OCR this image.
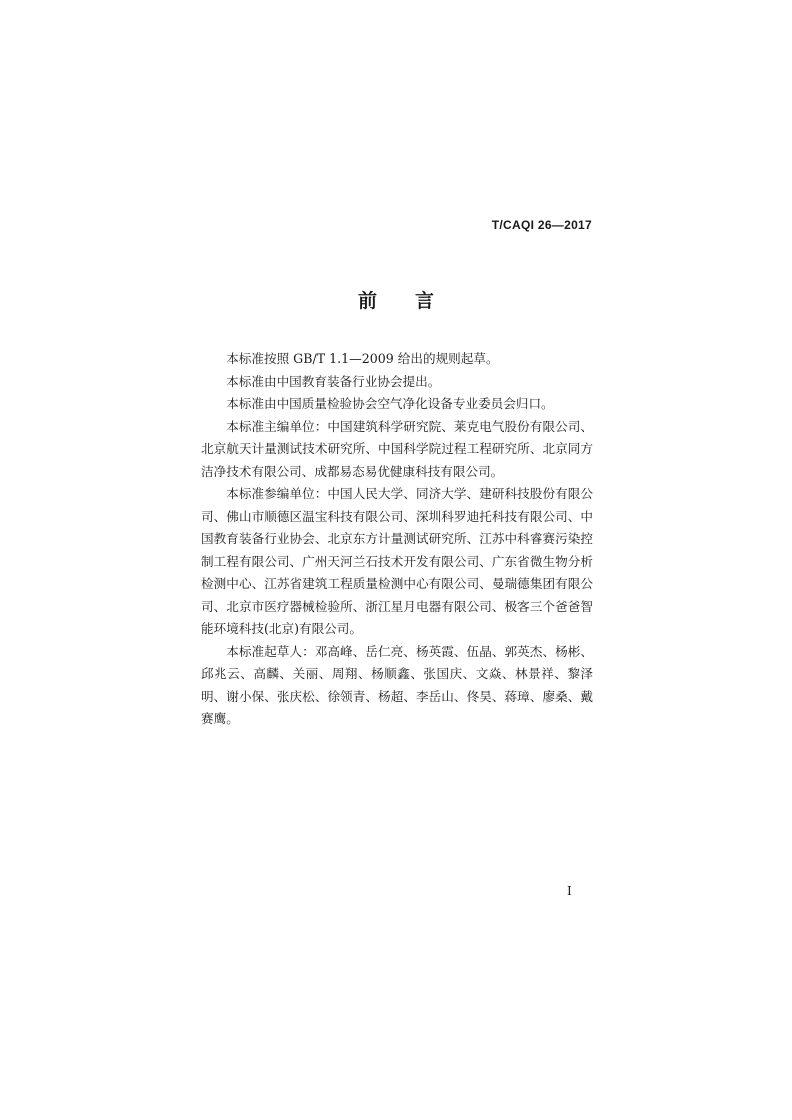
T/CAQI 26—2017
前言

本标准按照 GB/T 1.1—2009 给出的规则起草。

本标准由中国教育装备行业协会提出。

本标准由中国质量检验协会空气净化设备专业委员会归口。

本标准主编单位：中国建筑科学研究院、莱克电气股份有限公司、北京航天计量测试技术研究所、中国科学院过程工程研究所、北京同方洁净技术有限公司、成都易态易优健康科技有限公司。

本标准参编单位：中国人民大学、同济大学、建研科技股份有限公司、佛山市顺德区温宝科技有限公司、深圳科罗迪托科技有限公司、中国教育装备行业协会、北京东方计量测试研究所、江苏中科睿赛污染控制工程有限公司、广州天河兰石技术开发有限公司、广东省微生物分析检测中心、江苏省建筑工程质量检测中心有限公司、曼瑞德集团有限公司、北京市医疗器械检验所、浙江星月电器有限公司、极客三个爸爸智能环境科技(北京)有限公司。

本标准起草人：邓高峰、岳仁亮、杨英霞、伍晶、郭英杰、杨彬、邱兆云、高麟、关丽、周翔、杨顺鑫、张国庆、文焱、林景祥、黎泽明、谢小保、张庆松、徐领青、杨超、李岳山、佟昊、蒋璋、廖桑、戴赛鹰。

I
